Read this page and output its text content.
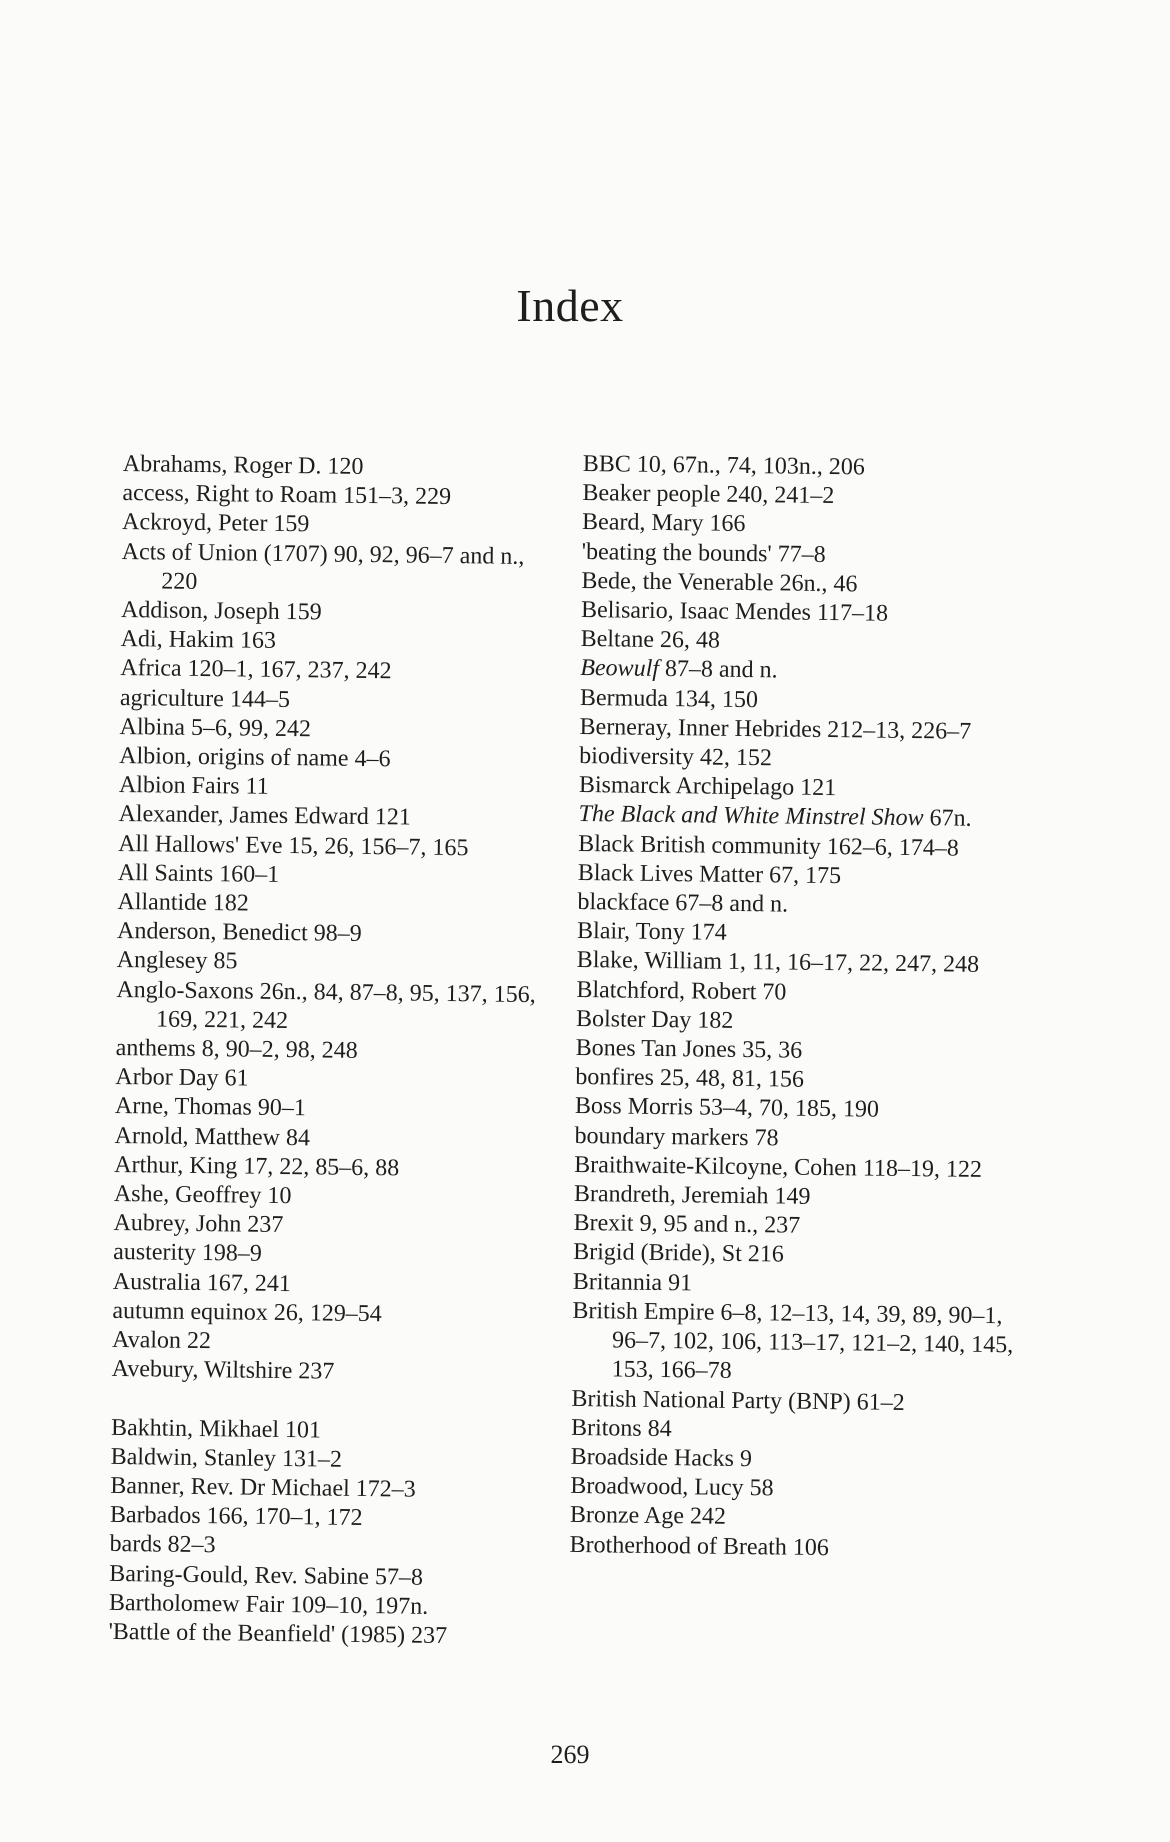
Index
Abrahams, Roger D. 120
access, Right to Roam 151–3, 229
Ackroyd, Peter 159
Acts of Union (1707) 90, 92, 96–7 and n., 220
Addison, Joseph 159
Adi, Hakim 163
Africa 120–1, 167, 237, 242
agriculture 144–5
Albina 5–6, 99, 242
Albion, origins of name 4–6
Albion Fairs 11
Alexander, James Edward 121
All Hallows' Eve 15, 26, 156–7, 165
All Saints 160–1
Allantide 182
Anderson, Benedict 98–9
Anglesey 85
Anglo-Saxons 26n., 84, 87–8, 95, 137, 156, 169, 221, 242
anthems 8, 90–2, 98, 248
Arbor Day 61
Arne, Thomas 90–1
Arnold, Matthew 84
Arthur, King 17, 22, 85–6, 88
Ashe, Geoffrey 10
Aubrey, John 237
austerity 198–9
Australia 167, 241
autumn equinox 26, 129–54
Avalon 22
Avebury, Wiltshire 237
Bakhtin, Mikhael 101
Baldwin, Stanley 131–2
Banner, Rev. Dr Michael 172–3
Barbados 166, 170–1, 172
bards 82–3
Baring-Gould, Rev. Sabine 57–8
Bartholomew Fair 109–10, 197n.
'Battle of the Beanfield' (1985) 237
BBC 10, 67n., 74, 103n., 206
Beaker people 240, 241–2
Beard, Mary 166
'beating the bounds' 77–8
Bede, the Venerable 26n., 46
Belisario, Isaac Mendes 117–18
Beltane 26, 48
Beowulf 87–8 and n.
Bermuda 134, 150
Berneray, Inner Hebrides 212–13, 226–7
biodiversity 42, 152
Bismarck Archipelago 121
The Black and White Minstrel Show 67n.
Black British community 162–6, 174–8
Black Lives Matter 67, 175
blackface 67–8 and n.
Blair, Tony 174
Blake, William 1, 11, 16–17, 22, 247, 248
Blatchford, Robert 70
Bolster Day 182
Bones Tan Jones 35, 36
bonfires 25, 48, 81, 156
Boss Morris 53–4, 70, 185, 190
boundary markers 78
Braithwaite-Kilcoyne, Cohen 118–19, 122
Brandreth, Jeremiah 149
Brexit 9, 95 and n., 237
Brigid (Bride), St 216
Britannia 91
British Empire 6–8, 12–13, 14, 39, 89, 90–1, 96–7, 102, 106, 113–17, 121–2, 140, 145, 153, 166–78
British National Party (BNP) 61–2
Britons 84
Broadside Hacks 9
Broadwood, Lucy 58
Bronze Age 242
Brotherhood of Breath 106
269
